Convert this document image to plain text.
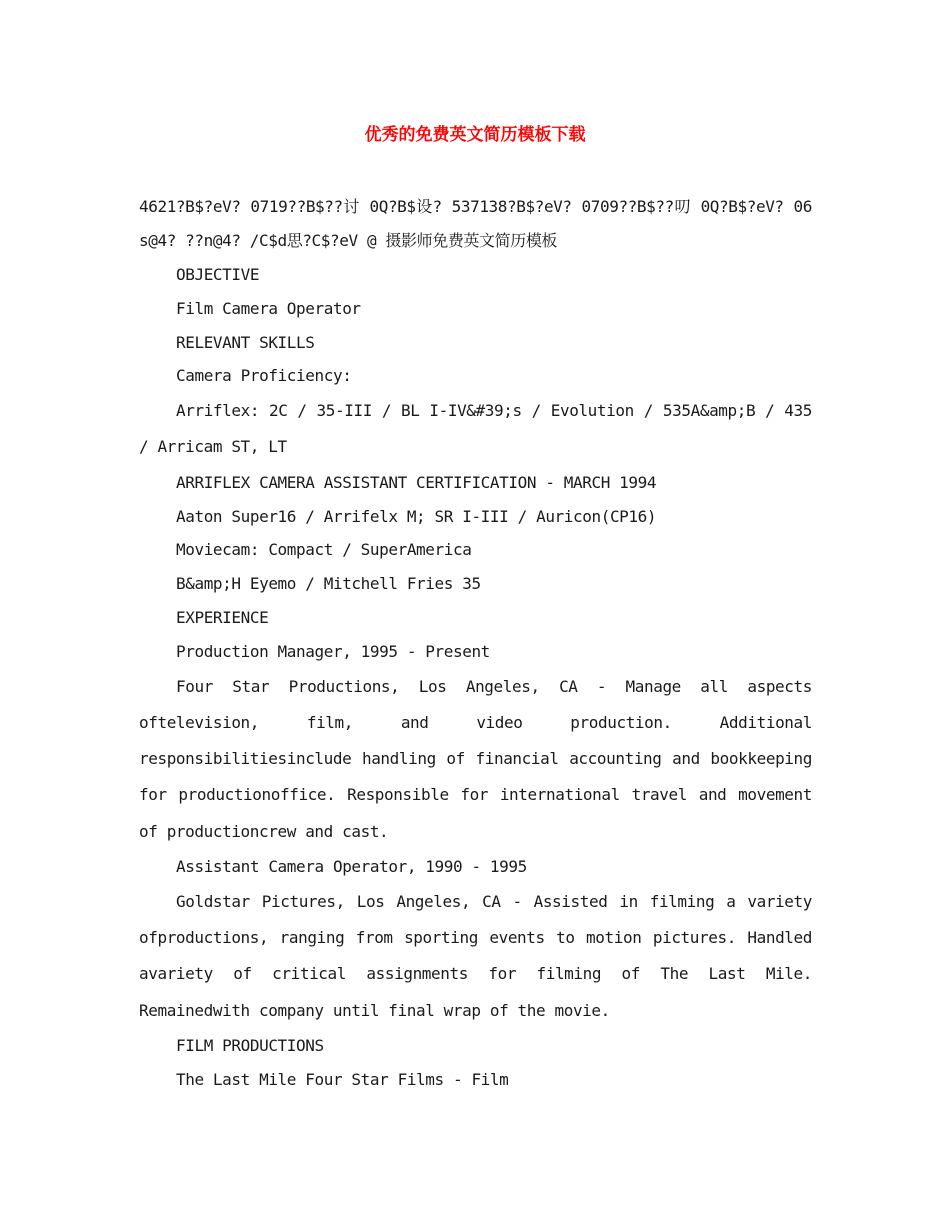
优秀的免费英文简历模板下载

4621?B$?eV? 0719??B$??讨 0Q?B$设? 537138?B$?eV? 0709??B$??叨 0Q?B$?eV? 06s@4? ??n@4? /C$d思?C$?eV @ 摄影师免费英文简历模板

OBJECTIVE

Film Camera Operator

RELEVANT SKILLS

Camera Proficiency:

Arriflex: 2C / 35-III / BL I-IV&#39;s / Evolution / 535A&amp;B / 435 / Arricam ST, LT

ARRIFLEX CAMERA ASSISTANT CERTIFICATION - MARCH 1994

Aaton Super16 / Arrifelx M; SR I-III / Auricon(CP16)

Moviecam: Compact / SuperAmerica

B&amp;H Eyemo / Mitchell Fries 35

EXPERIENCE

Production Manager, 1995 - Present

Four Star Productions, Los Angeles, CA - Manage all aspects oftelevision, film, and video production. Additional responsibilitiesinclude handling of financial accounting and bookkeeping for productionoffice. Responsible for international travel and movement of productioncrew and cast.

Assistant Camera Operator, 1990 - 1995

Goldstar Pictures, Los Angeles, CA - Assisted in filming a variety ofproductions, ranging from sporting events to motion pictures. Handled avariety of critical assignments for filming of The Last Mile. Remainedwith company until final wrap of the movie.

FILM PRODUCTIONS

The Last Mile Four Star Films - Film
